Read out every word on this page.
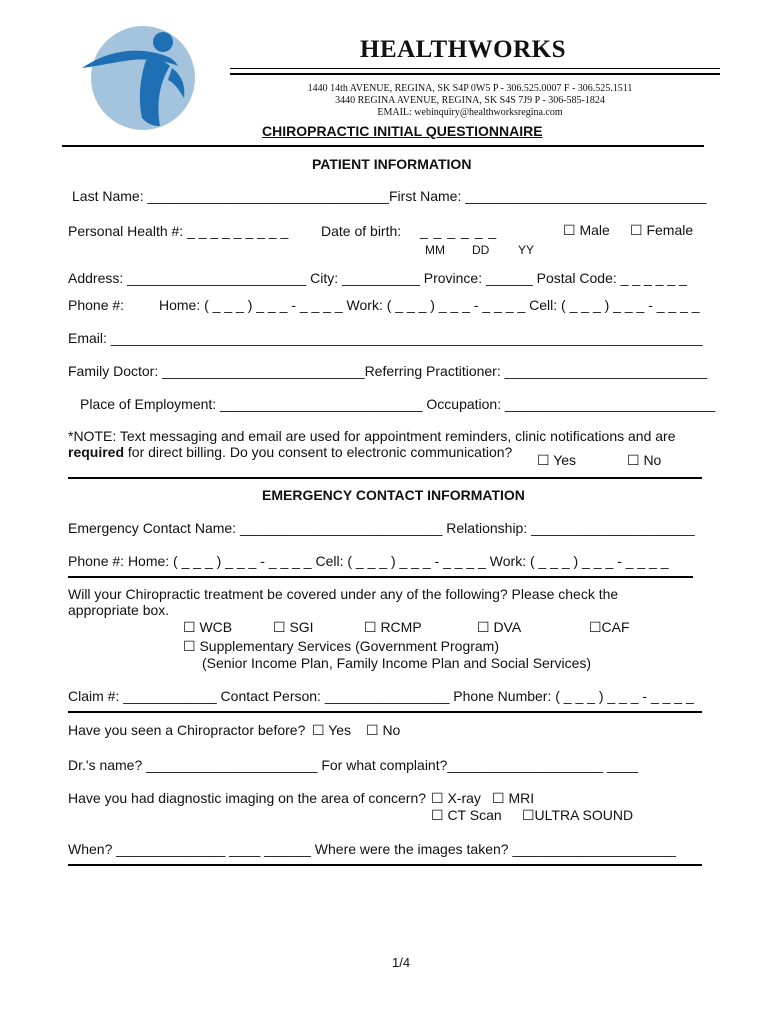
HEALTHWORKS
1440 14th AVENUE, REGINA, SK S4P 0W5 P - 306.525.0007 F - 306.525.1511
3440 REGINA AVENUE, REGINA, SK S4S 7J9 P - 306-585-1824
EMAIL: webinquiry@healthworksregina.com
CHIROPRACTIC INITIAL QUESTIONNAIRE
PATIENT INFORMATION
Last Name: _______________________________ First Name: _______________________________
Personal Health #: _ _ _ _ _ _ _ _ _ Date of birth: _ _ _ _ _ _
MM DD YY
☐ Male ☐ Female
Address: _______________________ City: __________ Province: ______ Postal Code: _ _ _ _ _ _
Phone #: Home: ( _ _ _ ) _ _ _ - _ _ _ _ Work: ( _ _ _ ) _ _ _ - _ _ _ _ Cell: ( _ _ _ ) _ _ _ - _ _ _ _
Email: ____________________________________________________________________________
Family Doctor: __________________________Referring Practitioner: __________________________
Place of Employment: __________________________ Occupation: ___________________________
*NOTE: Text messaging and email are used for appointment reminders, clinic notifications and are
required for direct billing. Do you consent to electronic communication? ☐ Yes	☐ No
EMERGENCY CONTACT INFORMATION
Emergency Contact Name: __________________________ Relationship: _____________________
Phone #: Home: ( _ _ _ ) _ _ _ - _ _ _ _ Cell: ( _ _ _ ) _ _ _ - _ _ _ _ Work: ( _ _ _ ) _ _ _ - _ _ _ _
Will your Chiropractic treatment be covered under any of the following? Please check the
appropriate box.
☐ WCB	☐ SGI	☐ RCMP	☐ DVA	☐CAF
☐ Supplementary Services (Government Program)
(Senior Income Plan, Family Income Plan and Social Services)
Claim #: ____________ Contact Person: ________________ Phone Number: ( _ _ _ ) _ _ _ - _ _ _ _
Have you seen a Chiropractor before? ☐ Yes ☐ No
Dr.'s name? ______________________ For what complaint?____________________ ____
Have you had diagnostic imaging on the area of concern? ☐ X-ray ☐ MRI
☐ CT Scan ☐ULTRA SOUND
When? ______________ ____ ______ Where were the images taken? _____________________
1/4
